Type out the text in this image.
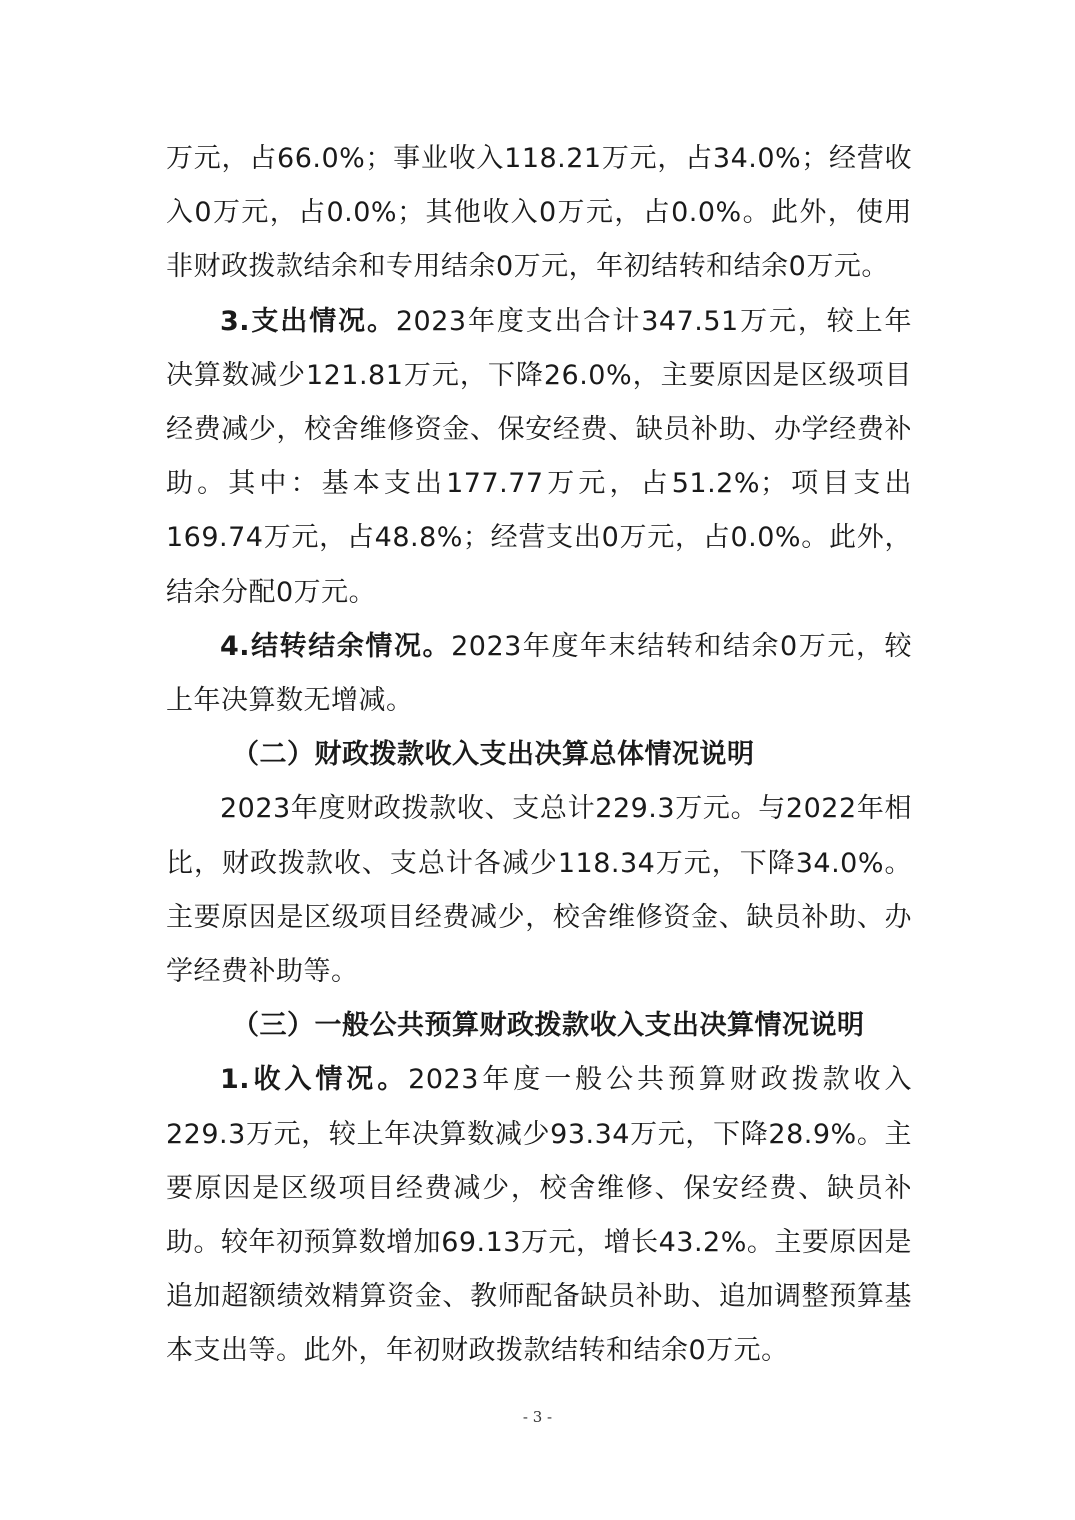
万元，占66.0%；事业收入118.21万元，占34.0%；经营收入0万元，占0.0%；其他收入0万元，占0.0%。此外，使用非财政拨款结余和专用结余0万元，年初结转和结余0万元。

3.支出情况。2023年度支出合计347.51万元，较上年决算数减少121.81万元，下降26.0%，主要原因是区级项目经费减少，校舍维修资金、保安经费、缺员补助、办学经费补助。其中：基本支出177.77万元，占51.2%；项目支出169.74万元，占48.8%；经营支出0万元，占0.0%。此外，结余分配0万元。

4.结转结余情况。2023年度年末结转和结余0万元，较上年决算数无增减。

（二）财政拨款收入支出决算总体情况说明

2023年度财政拨款收、支总计229.3万元。与2022年相比，财政拨款收、支总计各减少118.34万元，下降34.0%。主要原因是区级项目经费减少，校舍维修资金、缺员补助、办学经费补助等。

（三）一般公共预算财政拨款收入支出决算情况说明

1.收入情况。2023年度一般公共预算财政拨款收入229.3万元，较上年决算数减少93.34万元，下降28.9%。主要原因是区级项目经费减少，校舍维修、保安经费、缺员补助。较年初预算数增加69.13万元，增长43.2%。主要原因是追加超额绩效精算资金、教师配备缺员补助、追加调整预算基本支出等。此外，年初财政拨款结转和结余0万元。

- 3 -
